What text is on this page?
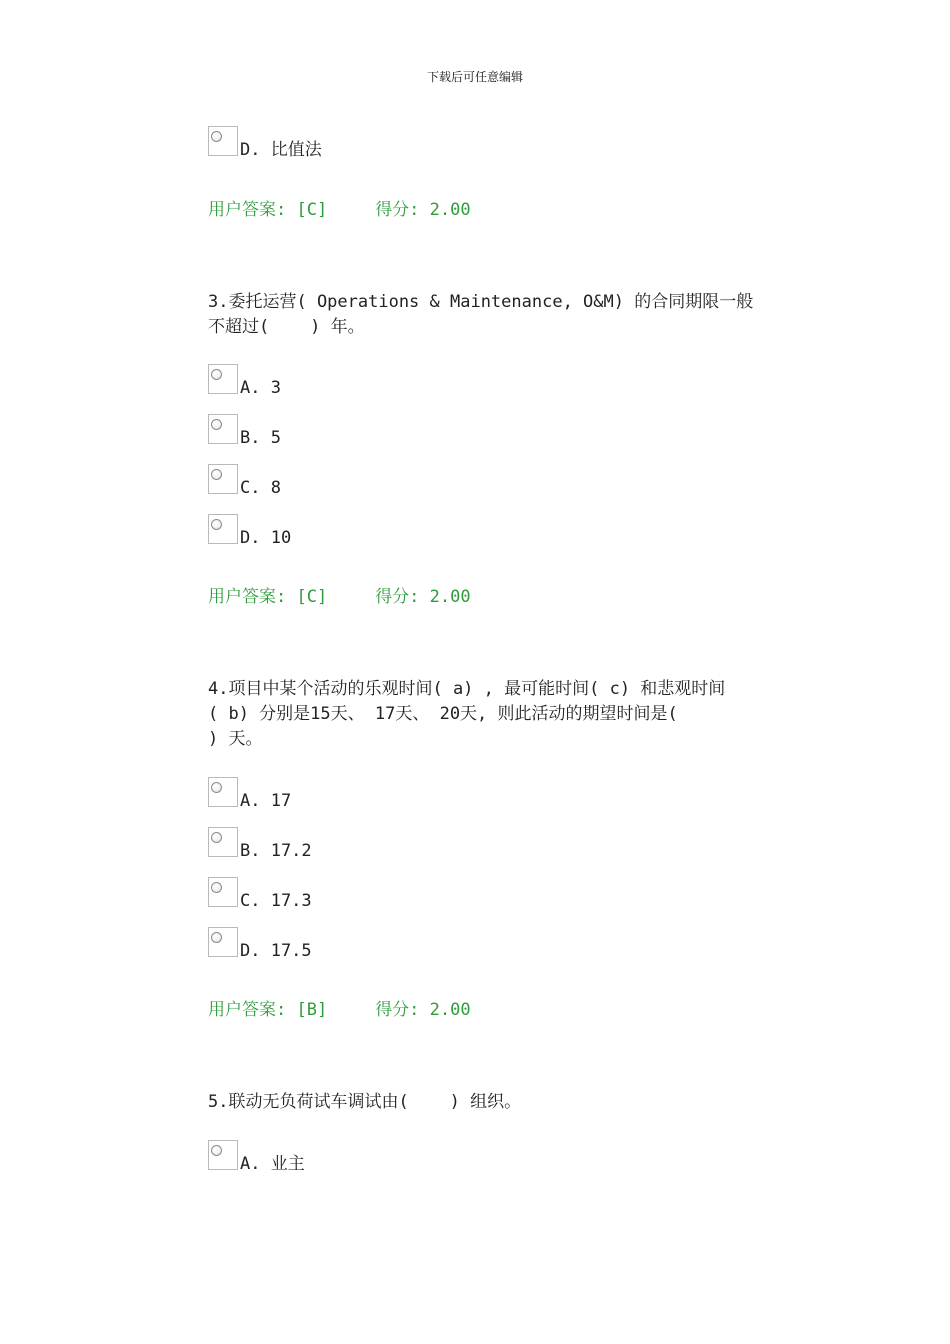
下载后可任意编辑
D. 比值法
用户答案: [C]	得分: 2.00
3.委托运营( Operations & Maintenance, O&M) 的合同期限一般
不超过(    ) 年。
A. 3
B. 5
C. 8
D. 10
用户答案: [C]	得分: 2.00
4.项目中某个活动的乐观时间( a) , 最可能时间( c) 和悲观时间
( b) 分别是15天、 17天、 20天, 则此活动的期望时间是(
) 天。
A. 17
B. 17.2
C. 17.3
D. 17.5
用户答案: [B]	得分: 2.00
5.联动无负荷试车调试由(    ) 组织。
A. 业主
